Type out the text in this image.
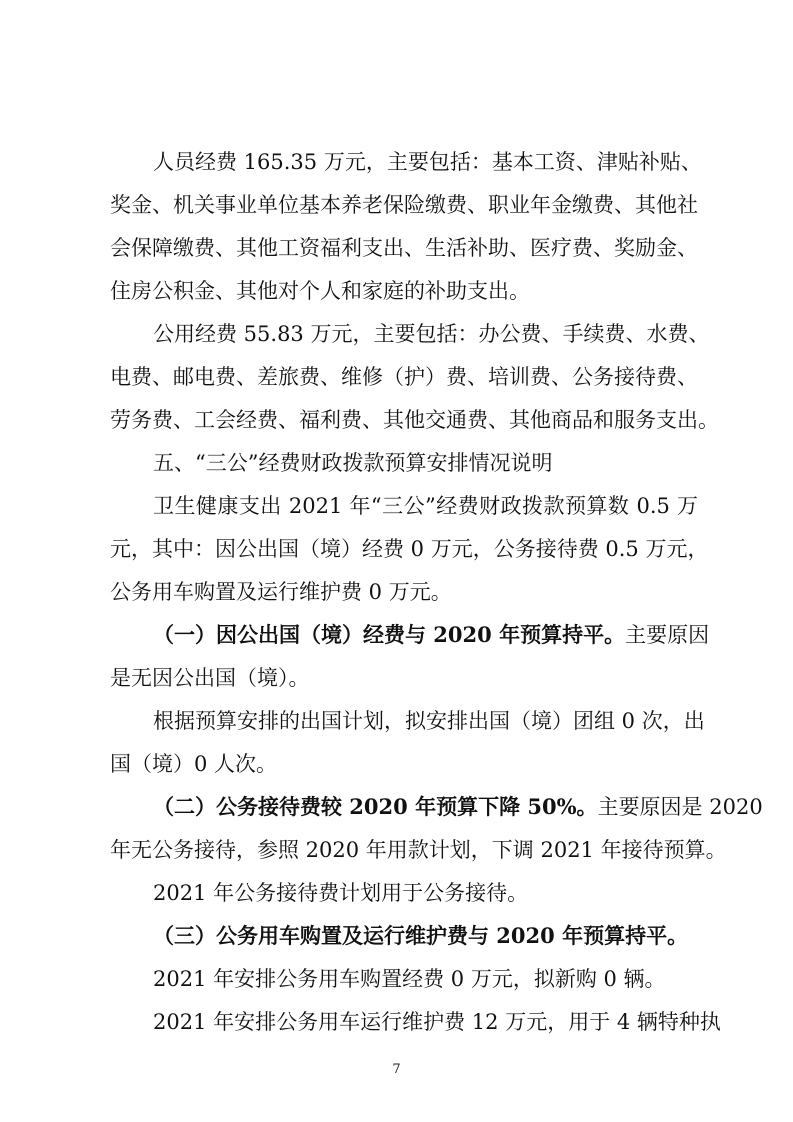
人员经费 165.35 万元，主要包括：基本工资、津贴补贴、
奖金、机关事业单位基本养老保险缴费、职业年金缴费、其他社
会保障缴费、其他工资福利支出、生活补助、医疗费、奖励金、
住房公积金、其他对个人和家庭的补助支出。
公用经费 55.83 万元，主要包括：办公费、手续费、水费、
电费、邮电费、差旅费、维修（护）费、培训费、公务接待费、
劳务费、工会经费、福利费、其他交通费、其他商品和服务支出。
五、“三公”经费财政拨款预算安排情况说明
卫生健康支出 2021 年“三公”经费财政拨款预算数 0.5 万
元，其中：因公出国（境）经费 0 万元，公务接待费 0.5 万元，
公务用车购置及运行维护费 0 万元。
（一）因公出国（境）经费与 2020 年预算持平。主要原因
是无因公出国（境）。
根据预算安排的出国计划，拟安排出国（境）团组 0 次，出
国（境）0 人次。
（二）公务接待费较 2020 年预算下降 50%。主要原因是 2020
年无公务接待，参照 2020 年用款计划，下调 2021 年接待预算。
2021 年公务接待费计划用于公务接待。
（三）公务用车购置及运行维护费与 2020 年预算持平。
2021 年安排公务用车购置经费 0 万元，拟新购 0 辆。
2021 年安排公务用车运行维护费 12 万元，用于 4 辆特种执
7
